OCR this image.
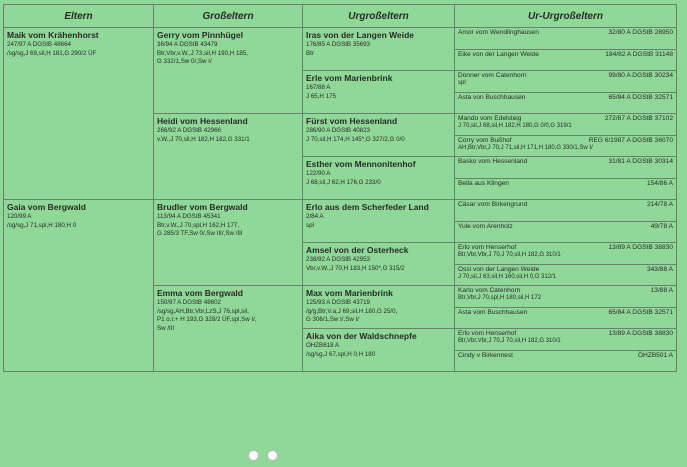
Eltern	Großeltern	Urgroßeltern	Ur-Urgroßeltern

Maik vom Krähenhorst
247/97 A DGStB 48664
/sg/sg,J 69,sil,H 181,G 290/2 ÜF	Gerry vom Pinnhügel
36/94 A DGStB 43479
Btr,Vbr,v.W.,J 73,sil,H 190,H 185,
G 332/1,Sw 0/,Sw I/	Iras von der Langen Weide
176/85 A DGStB 35693
Btr	Amor vom Wendlinghausen 32/80 A DGStB 28950

			Eike von der Langen Weide 184/82 A DGStB 31148

		Erle vom Marienbrink
167/88 A
J 65,H 175	Donner vom Catenhorn 99/80 A DGStB 30234
spl

			Asta von Buschhausen 65/84 A DGStB 32571

	Heidi vom Hessenland
266/92 A DGStB 42966
v.W.,J 70,sil,H 182,H 182,G 331/1	Fürst vom Hessenland
286/90 A DGStB 40823
J 70,sil,H 174,H 145*,G 327/2,G 0/0	Mando vom Edelsteig 272/87 A DGStB 37102
J 70,sil,J 68,sil,H 182,H 180,G 0/0,G 319/1

			Corry vom Bußhof REG 6/1987 A DGStB 36070
AH,Btr,Vbr,J 70,J 71,sil,H 171,H 180,G 330/1,Sw I/

		Esther vom Mennonitenhof
122/90 A
J 68,sil,J 62,H 176,G 233/0	Basko vom Hessenland 31/81 A DGStB 30314

			Bella aus Klingen 154/86 A

Gaia vom Bergwald
120/99 A
/sg/sg,J 71,spl,H 180,H 0	Brudler vom Bergwald
113/94 A DGStB 45341
Btr,v.W.,J 70,spl,H 162,H 177,
G 285/3 TF,Sw 0/,Sw III/,Sw /III	Erlo aus dem Scherfeder Land
2/84 A
spl	Cäsar vom Birkengrund 214/78 A

			Yule vom Arenholz 49/78 A

		Amsel von der Osterheck
238/92 A DGStB 42953
Vbr,v.W.,J 70,H 183,H 150*,G 315/2	Erlo vom Henserhof 13/89 A DGStB 38830
Btr,Vbr,Vbr,J 70,J 70,sil,H 182,G 310/1

			Ossi von der Langen Weide 343/88 A
J 70,sil,J 63,sil,H 160,sil,H 0,G 312/1

	Emma vom Bergwald
150/97 A DGStB 48602
/sg/sg,AH,Btr,Vbr,LzS,J 76,spl,sil,
P1 o.r.+ H 193,G 328/2 ÜF,spl,Sw I/,
Sw /III	Max vom Marienbrink
125/93 A DGStB 43719
/g/g,Btr,V.a,J 69,sil,H 180,G 25/0,
G 306/1,Sw I/,Sw I/	Karlo vom Catenhorn 13/88 A
Btr,Vbr,J 70,spl,H 180,sil,H 172

			Asta vom Buschhausen 65/84 A DGStB 32571

		Aika von der Waldschnepfe
OHZB618 A
/sg/sg,J 67,spl,H 0,H 180	Erlo vom Henserhof 13/89 A DGStB 38830
Btr,Vbr,Vbr,J 70,J 70,sil,H 182,G 310/1

			Cindy v Birkennest ÖHZB501 A
